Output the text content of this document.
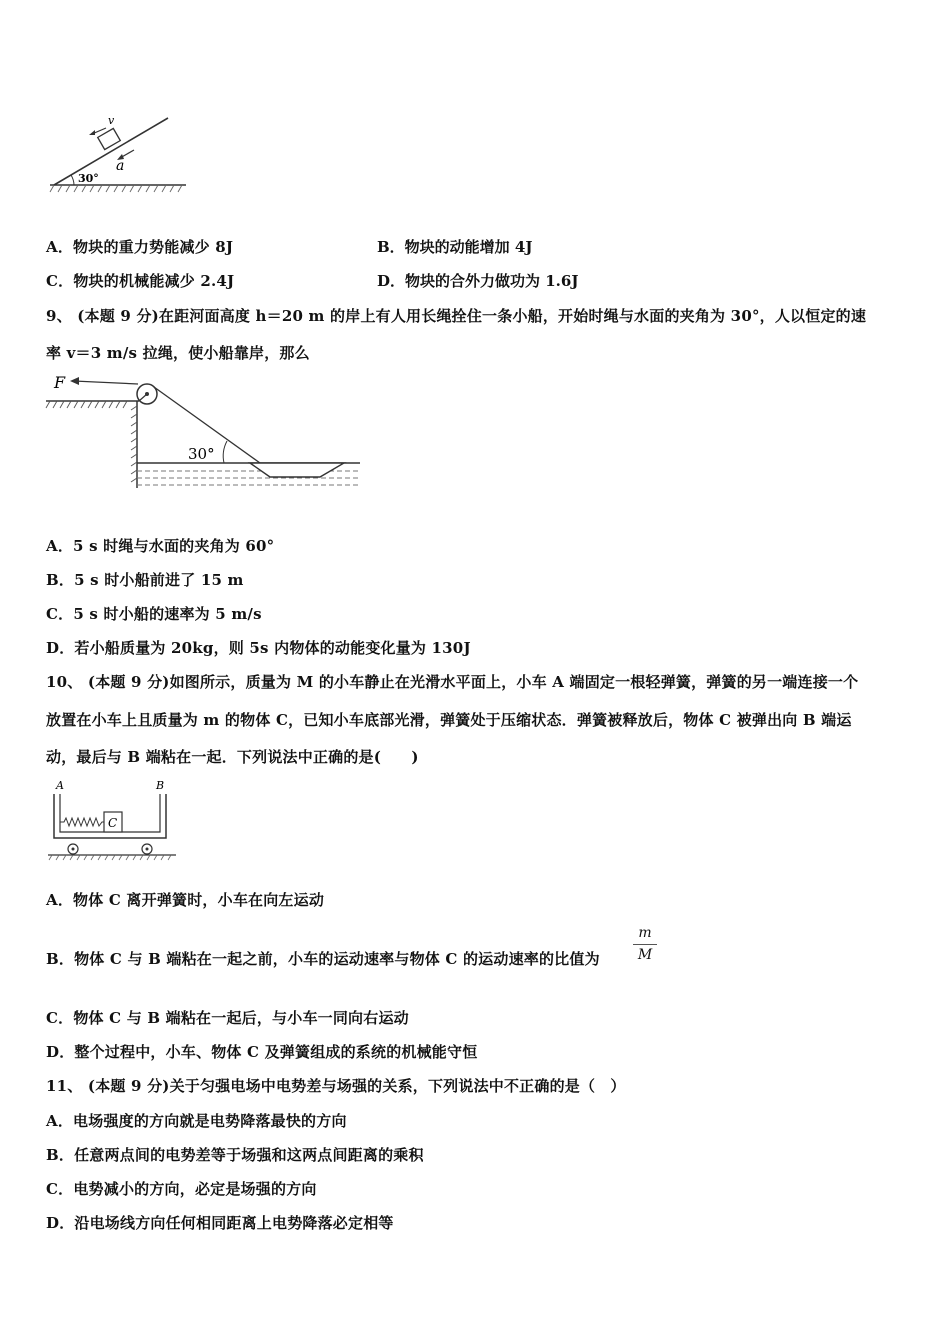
v
a
30°
A．物块的重力势能减少 8J	B．物块的动能增加 4J
C．物块的机械能减少 2.4J	D．物块的合外力做功为 1.6J
9、 (本题 9 分)在距河面高度 h＝20 m 的岸上有人用长绳拴住一条小船，开始时绳与水面的夹角为 30°，人以恒定的速
率 v＝3 m/s 拉绳，使小船靠岸，那么
F
30°
A．5 s 时绳与水面的夹角为 60°
B．5 s 时小船前进了 15 m
C．5 s 时小船的速率为 5 m/s
D．若小船质量为 20kg，则 5s 内物体的动能变化量为 130J
10、 (本题 9 分)如图所示，质量为 M 的小车静止在光滑水平面上，小车 A 端固定一根轻弹簧，弹簧的另一端连接一个
放置在小车上且质量为 m 的物体 C，已知小车底部光滑，弹簧处于压缩状态．弹簧被释放后，物体 C 被弹出向 B 端运
动，最后与 B 端粘在一起．下列说法中正确的是(　　)
A	B
C
A．物体 C 离开弹簧时，小车在向左运动
B．物体 C 与 B 端粘在一起之前，小车的运动速率与物体 C 的运动速率的比值为 $\frac{m}{M}$
C．物体 C 与 B 端粘在一起后，与小车一同向右运动
D．整个过程中，小车、物体 C 及弹簧组成的系统的机械能守恒
11、 (本题 9 分)关于匀强电场中电势差与场强的关系，下列说法中不正确的是（　）
A．电场强度的方向就是电势降落最快的方向
B．任意两点间的电势差等于场强和这两点间距离的乘积
C．电势减小的方向，必定是场强的方向
D．沿电场线方向任何相同距离上电势降落必定相等
